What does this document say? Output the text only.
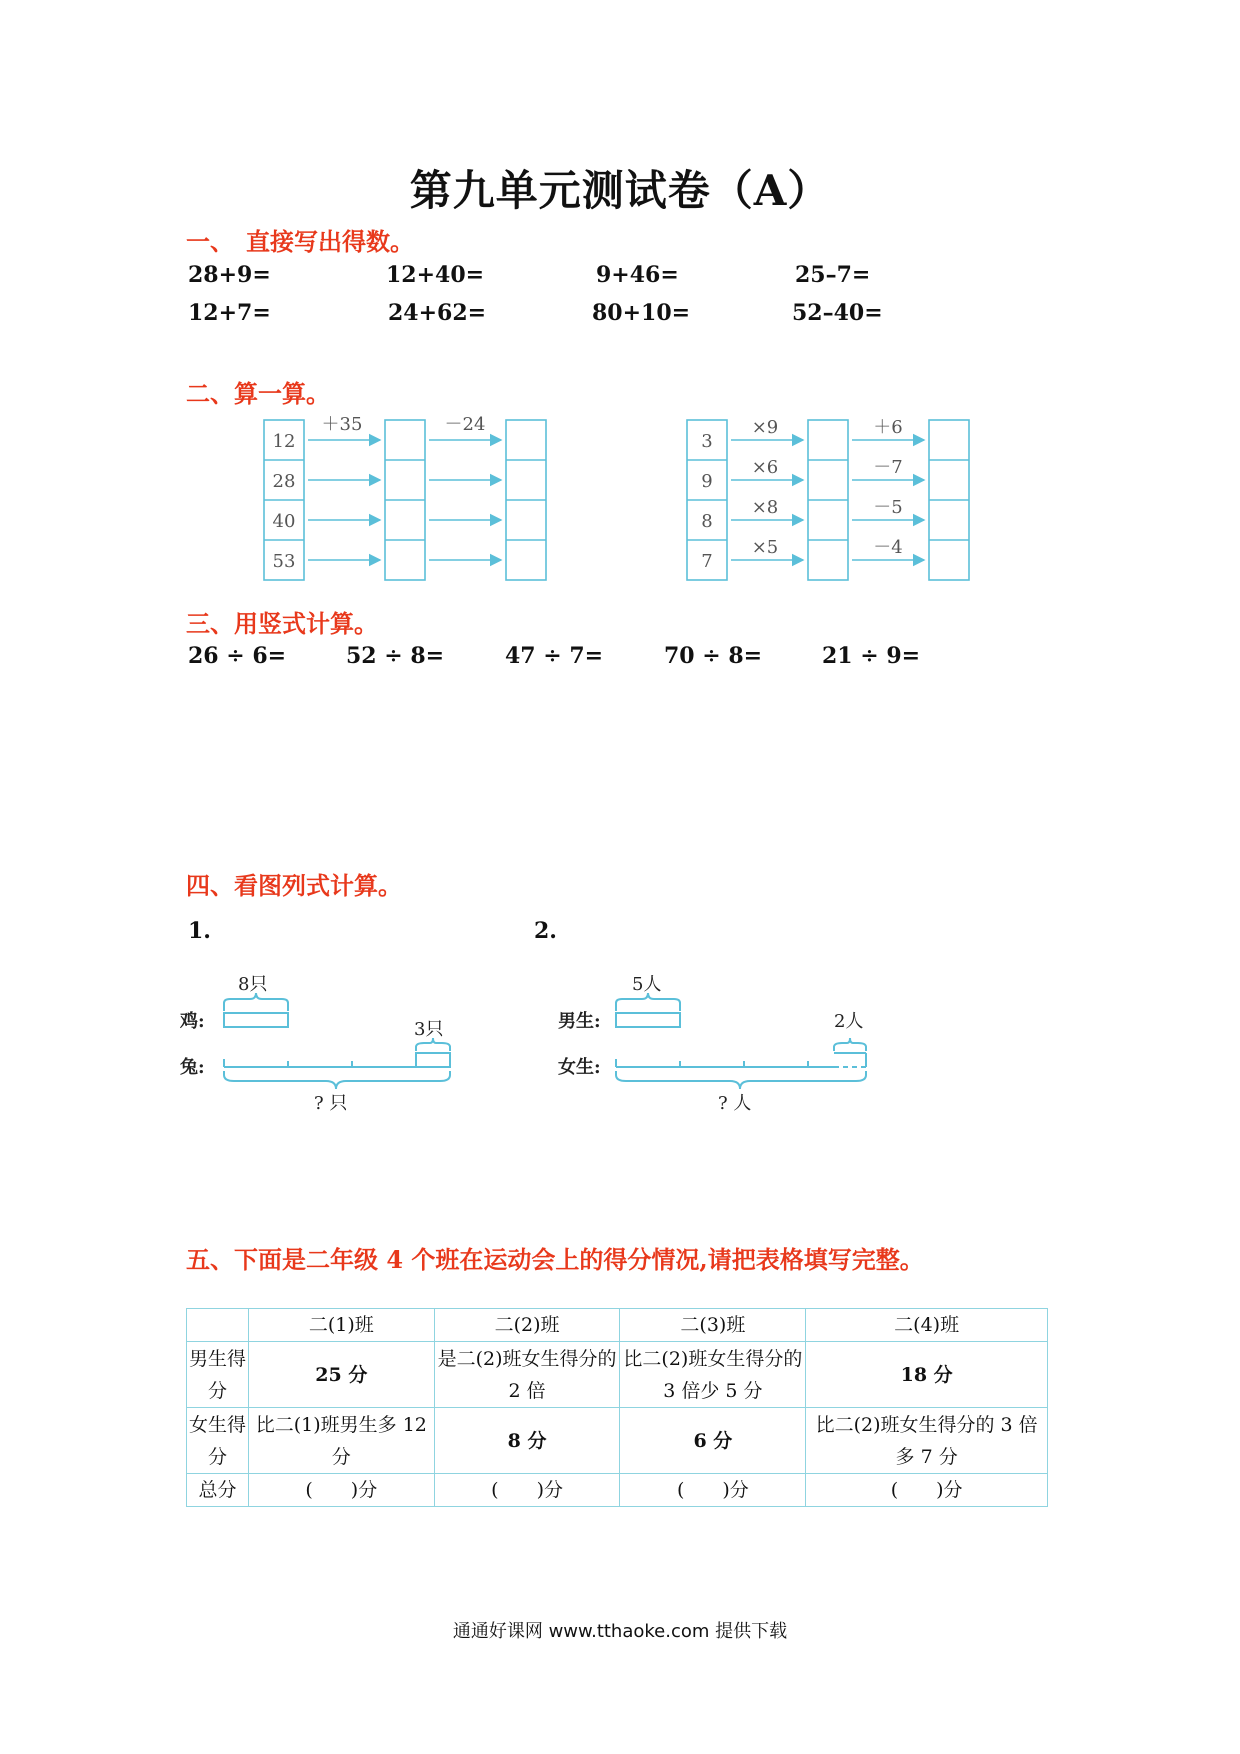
第九单元测试卷（A）
一、　直接写出得数。
28+9=	12+40=	9+46=	25–7=
12+7=	24+62=	80+10=	52–40=
二、算一算。
12
28
40
53
＋35	－24
3
9
8
7
×9
×6
×8
×5
＋6
－7
－5
－4
三、用竖式计算。
26 ÷ 6=	52 ÷ 8=	47 ÷ 7=	70 ÷ 8=	21 ÷ 9=
四、看图列式计算。
1.	2.
8只
鸡:
兔:
3只
? 只
5人
男生:
女生:
2人
? 人
五、下面是二年级 4 个班在运动会上的得分情况,请把表格填写完整。
	二(1)班	二(2)班	二(3)班	二(4)班
男生得分	25 分	是二(2)班女生得分的 2 倍	比二(2)班女生得分的 3 倍少 5 分	18 分
女生得分	比二(1)班男生多 12 分	8 分	6 分	比二(2)班女生得分的 3 倍多 7 分
总分	(　　)分	(　　)分	(　　)分	(　　)分
通通好课网 www.tthaoke.com 提供下载
